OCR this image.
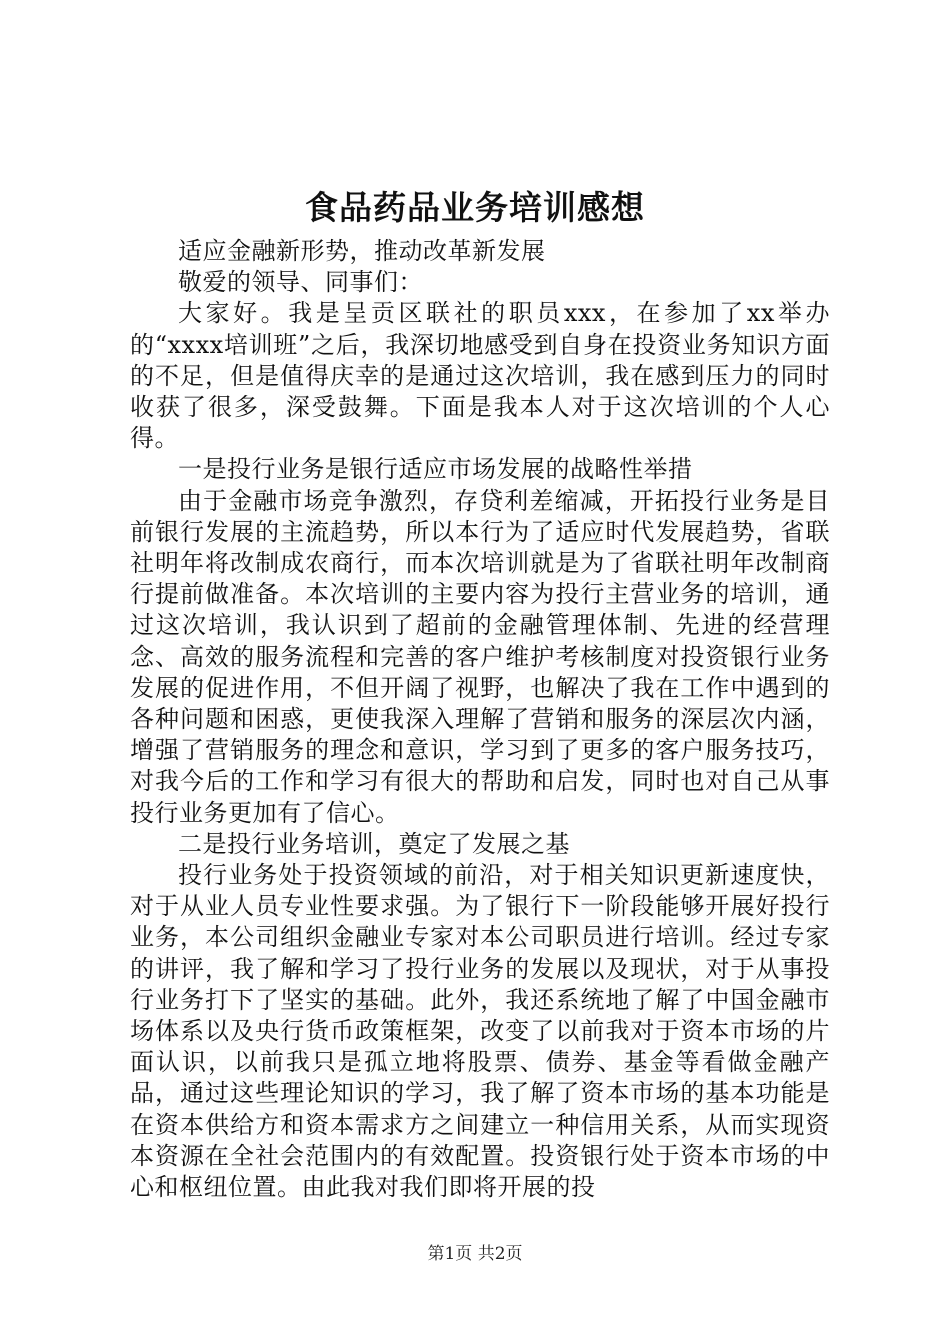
食品药品业务培训感想

适应金融新形势，推动改革新发展

敬爱的领导、同事们：

大家好。我是呈贡区联社的职员xxx，在参加了xx举办的“xxxx培训班”之后，我深切地感受到自身在投资业务知识方面的不足，但是值得庆幸的是通过这次培训，我在感到压力的同时收获了很多，深受鼓舞。下面是我本人对于这次培训的个人心得。

一是投行业务是银行适应市场发展的战略性举措

由于金融市场竞争激烈，存贷利差缩减，开拓投行业务是目前银行发展的主流趋势，所以本行为了适应时代发展趋势，省联社明年将改制成农商行，而本次培训就是为了省联社明年改制商行提前做准备。本次培训的主要内容为投行主营业务的培训，通过这次培训，我认识到了超前的金融管理体制、先进的经营理念、高效的服务流程和完善的客户维护考核制度对投资银行业务发展的促进作用，不但开阔了视野，也解决了我在工作中遇到的各种问题和困惑，更使我深入理解了营销和服务的深层次内涵，增强了营销服务的理念和意识，学习到了更多的客户服务技巧，对我今后的工作和学习有很大的帮助和启发，同时也对自己从事投行业务更加有了信心。

二是投行业务培训，奠定了发展之基

投行业务处于投资领域的前沿，对于相关知识更新速度快，对于从业人员专业性要求强。为了银行下一阶段能够开展好投行业务，本公司组织金融业专家对本公司职员进行培训。经过专家的讲评，我了解和学习了投行业务的发展以及现状，对于从事投行业务打下了坚实的基础。此外，我还系统地了解了中国金融市场体系以及央行货币政策框架，改变了以前我对于资本市场的片面认识，以前我只是孤立地将股票、债券、基金等看做金融产品，通过这些理论知识的学习，我了解了资本市场的基本功能是在资本供给方和资本需求方之间建立一种信用关系，从而实现资本资源在全社会范围内的有效配置。投资银行处于资本市场的中心和枢纽位置。由此我对我们即将开展的投

第1页 共2页
